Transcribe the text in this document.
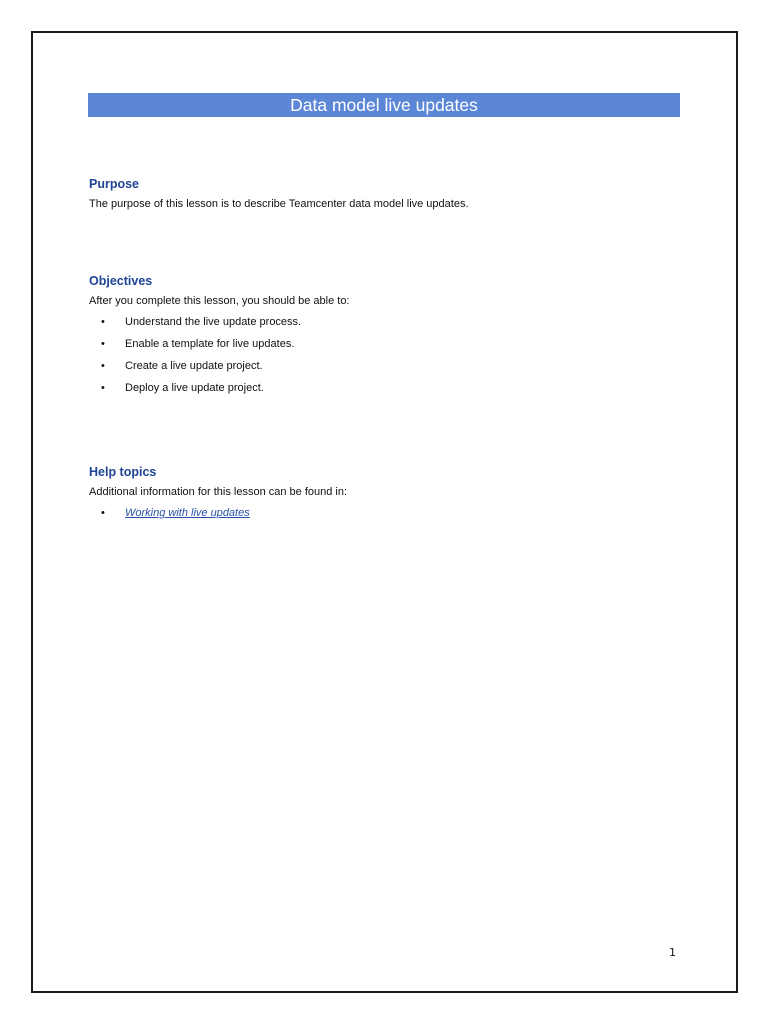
Data model live updates
Purpose

The purpose of this lesson is to describe Teamcenter data model live updates.

Objectives

After you complete this lesson, you should be able to:

• Understand the live update process.
• Enable a template for live updates.
• Create a live update project.
• Deploy a live update project.
Help topics

Additional information for this lesson can be found in:

• Working with live updates
1
